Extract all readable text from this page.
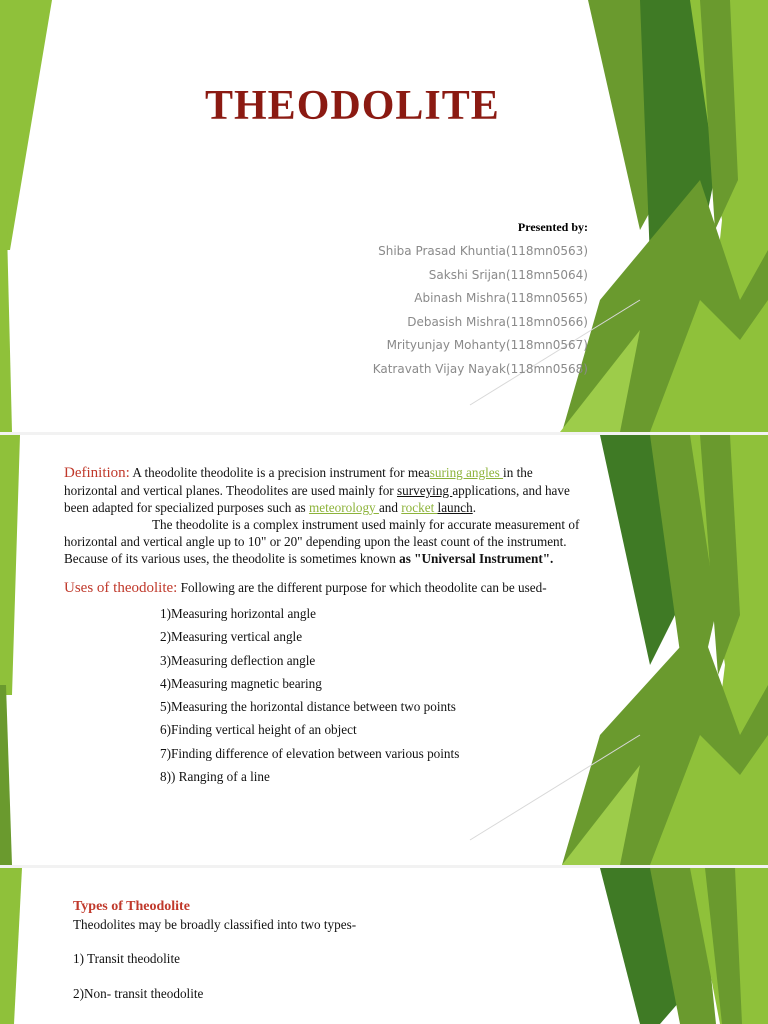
THEODOLITE
Presented by:
Shiba Prasad Khuntia(118mn0563)
Sakshi Srijan(118mn5064)
Abinash Mishra(118mn0565)
Debasish Mishra(118mn0566)
Mrityunjay Mohanty(118mn0567)
Katravath Vijay Nayak(118mn0568)
Definition: A theodolite theodolite is a precision instrument for measuring angles in the horizontal and vertical planes. Theodolites are used mainly for surveying applications, and have been adapted for specialized purposes such as meteorology and rocket launch.
The theodolite is a complex instrument used mainly for accurate measurement of horizontal and vertical angle up to 10" or 20" depending upon the least count of the instrument. Because of its various uses, the theodolite is sometimes known as "Universal Instrument".
Uses of theodolite: Following are the different purpose for which theodolite can be used-
1)Measuring horizontal angle
2)Measuring vertical angle
3)Measuring deflection angle
4)Measuring magnetic bearing
5)Measuring the horizontal distance between two points
6)Finding vertical height of an object
7)Finding difference of elevation between various points
8)) Ranging of a line
Types of Theodolite

Theodolites may be broadly classified into two types-

1) Transit theodolite

2)Non- transit theodolite
